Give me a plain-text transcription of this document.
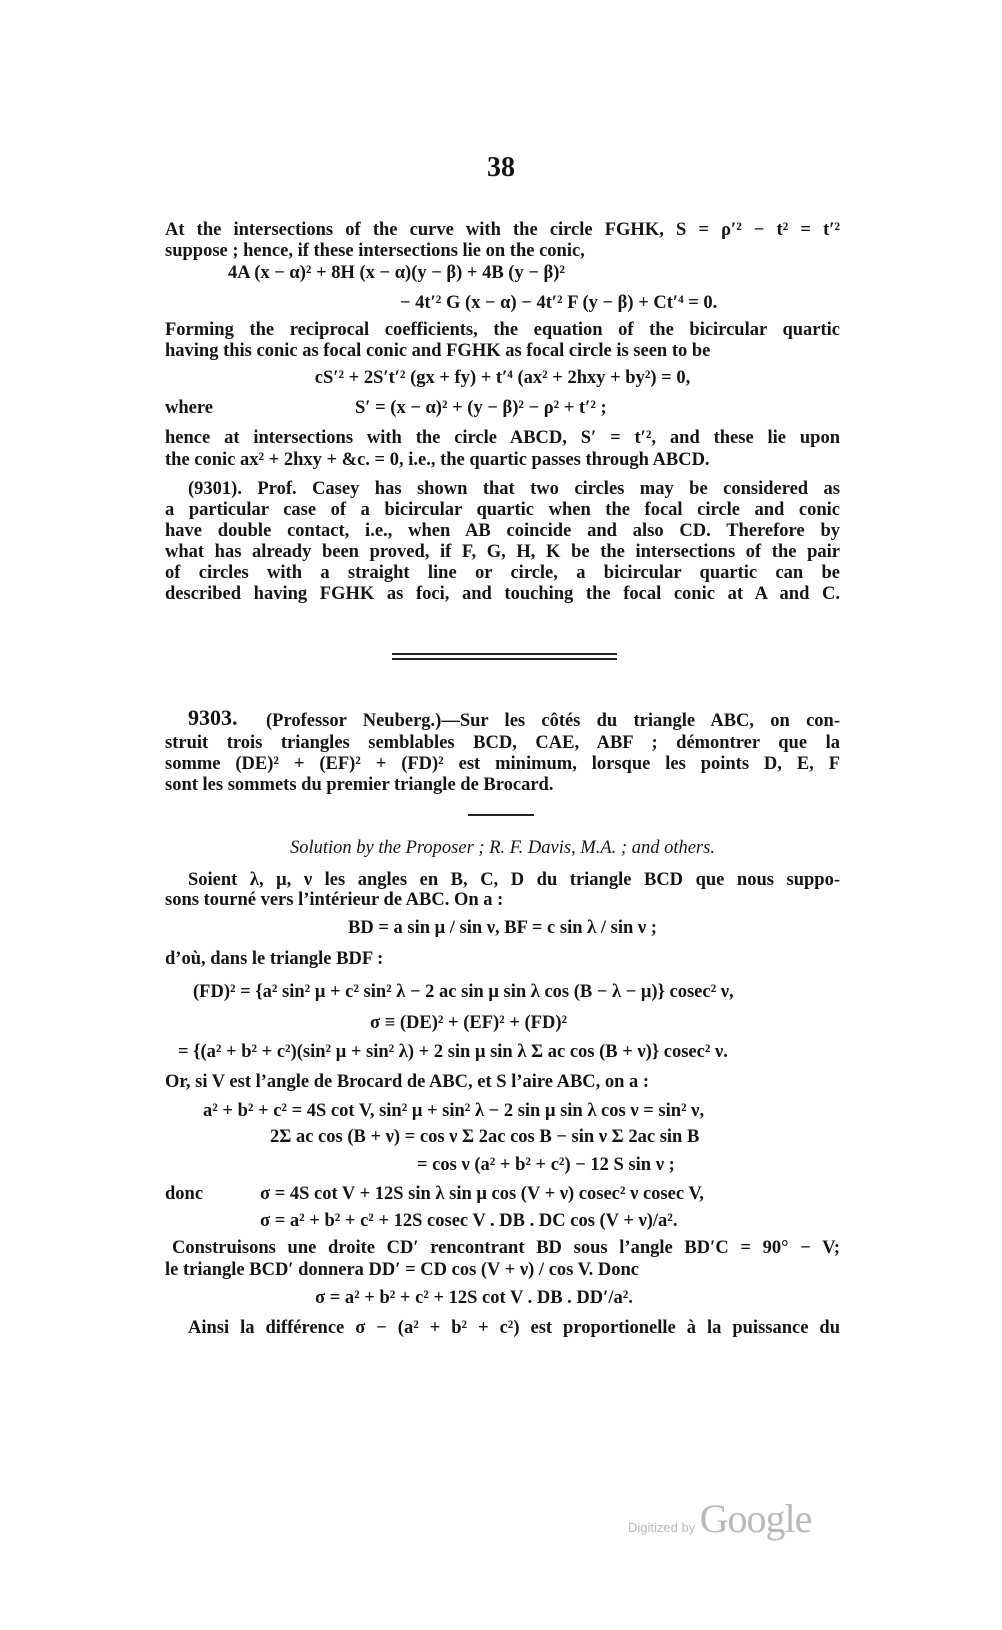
38
At the intersections of the curve with the circle FGHK, S = ρ′² − t² = t′²
suppose ; hence, if these intersections lie on the conic,
4A (x − α)² + 8H (x − α)(y − β) + 4B (y − β)²
− 4t′² G (x − α) − 4t′² F (y − β) + Ct′⁴ = 0.
Forming the reciprocal coefficients, the equation of the bicircular quartic
having this conic as focal conic and FGHK as focal circle is seen to be
cS′² + 2S′t′² (gx + fy) + t′⁴ (ax² + 2hxy + by²) = 0,
where	S′ = (x − α)² + (y − β)² − ρ² + t′² ;
hence at intersections with the circle ABCD, S′ = t′², and these lie upon
the conic ax² + 2hxy + &c. = 0, i.e., the quartic passes through ABCD.
(9301). Prof. Casey has shown that two circles may be considered as
a particular case of a bicircular quartic when the focal circle and conic
have double contact, i.e., when AB coincide and also CD. Therefore by
what has already been proved, if F, G, H, K be the intersections of the pair
of circles with a straight line or circle, a bicircular quartic can be
described having FGHK as foci, and touching the focal conic at A and C.
9303. (Professor Neuberg.)—Sur les côtés du triangle ABC, on con-
struit trois triangles semblables BCD, CAE, ABF ; démontrer que la
somme (DE)² + (EF)² + (FD)² est minimum, lorsque les points D, E, F
sont les sommets du premier triangle de Brocard.
Solution by the Proposer ; R. F. Davis, M.A. ; and others.
Soient λ, μ, ν les angles en B, C, D du triangle BCD que nous suppo-
sons tourné vers l’intérieur de ABC. On a :
BD = a sin μ / sin ν, BF = c sin λ / sin ν ;
d’où, dans le triangle BDF :
(FD)² = {a² sin² μ + c² sin² λ − 2 ac sin μ sin λ cos (B − λ − μ)} cosec² ν,
σ ≡ (DE)² + (EF)² + (FD)²
= {(a² + b² + c²)(sin² μ + sin² λ) + 2 sin μ sin λ Σ ac cos (B + ν)} cosec² ν.
Or, si V est l’angle de Brocard de ABC, et S l’aire ABC, on a :
a² + b² + c² = 4S cot V, sin² μ + sin² λ − 2 sin μ sin λ cos ν = sin² ν,
2Σ ac cos (B + ν) = cos ν Σ 2ac cos B − sin ν Σ 2ac sin B
= cos ν (a² + b² + c²) − 12 S sin ν ;
donc	σ = 4S cot V + 12S sin λ sin μ cos (V + ν) cosec² ν cosec V,
σ = a² + b² + c² + 12S cosec V . DB . DC cos (V + ν)/a².
Construisons une droite CD′ rencontrant BD sous l’angle BD′C = 90° − V;
le triangle BCD′ donnera DD′ = CD cos (V + ν) / cos V. Donc
σ = a² + b² + c² + 12S cot V . DB . DD′/a².
Ainsi la différence σ − (a² + b² + c²) est proportionelle à la puissance du
Digitized by Google
